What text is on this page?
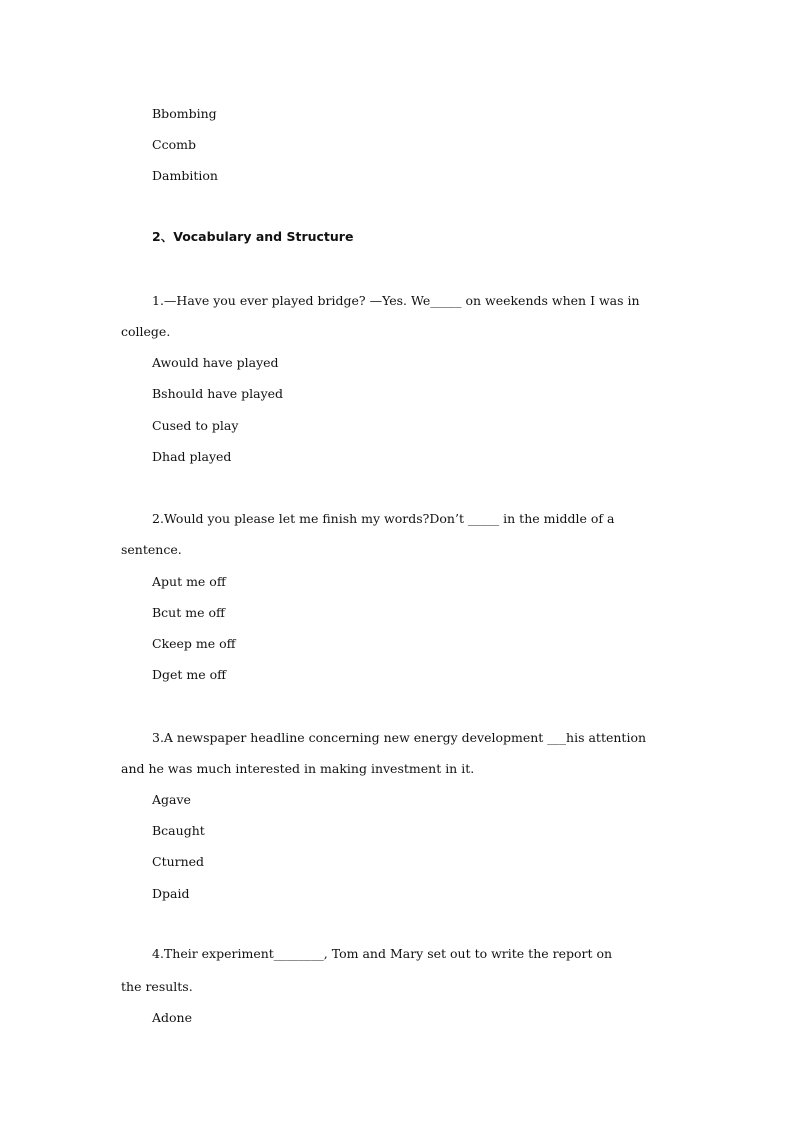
Bbombing
Ccomb
Dambition
2、Vocabulary and Structure
1.—Have you ever played bridge? —Yes. We_____ on weekends when I was in
college.
Awould have played
Bshould have played
Cused to play
Dhad played
2.Would you please let me finish my words?Don’t _____ in the middle of a
sentence.
Aput me off
Bcut me off
Ckeep me off
Dget me off
3.A newspaper headline concerning new energy development ___his attention
and he was much interested in making investment in it.
Agave
Bcaught
Cturned
Dpaid
4.Their experiment________, Tom and Mary set out to write the report on
the results.
Adone
